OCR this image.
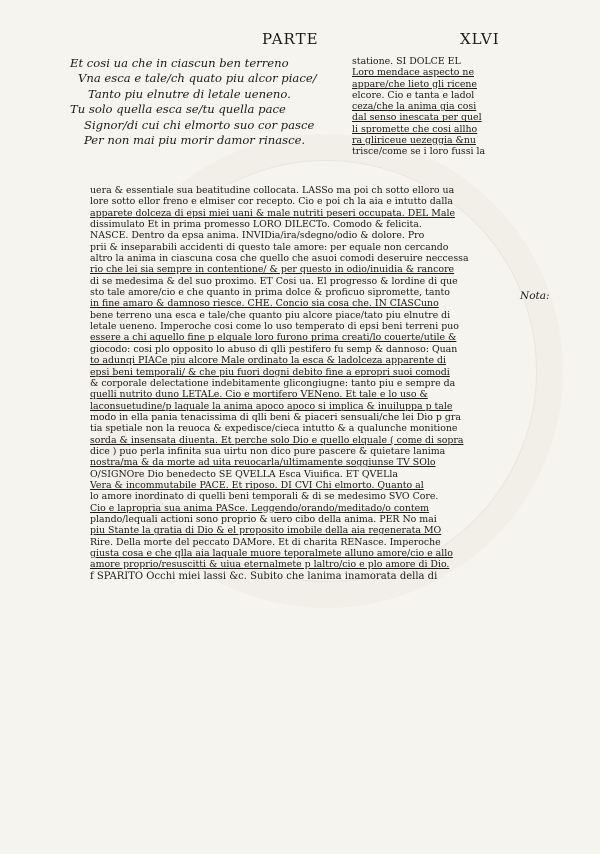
PARTE	XLVI
Et cosi ua che in ciascun ben terreno
Vna esca e tale/ch quato piu alcor piace/
Tanto piu elnutre di letale ueneno.
Tu solo quella esca se/tu quella pace
Signor/di cui chi elmorto suo cor pasce
Per non mai piu morir damor rinasce.
statione. SI DOLCE EL
Loro mendace aspecto ne
appare/che lieto gli ricene
elcore. Cio e tanta e ladol
ceza/che la anima gia cosi
dal senso inescata per quel
li spromette che cosi allho
ra gliriceue uezeggia &nu
trisce/come se i loro fussi la
uera & essentiale sua beatitudine collocata. LASSo ma poi ch sotto elloro ua
lore sotto ellor freno e elmiser cor recepto. Cio e poi ch la aia e intutto dalla
apparete dolceza di epsi miei uani & male nutriti peseri occupata. DEL Male
dissimulato Et in prima promesso LORO DILECTo. Comodo & felicita.
NASCE. Dentro da epsa anima. INVIDia/ira/sdegno/odio & dolore. Pro
prii & inseparabili accidenti di questo tale amore: per equale non cercando
altro la anima in ciascuna cosa che quello che asuoi comodi deseruire neccessa
rio che lei sia sempre in contentione/ & per questo in odio/inuidia & rancore
di se medesima & del suo proximo. ET Cosi ua. El progresso & lordine di que
sto tale amore/cio e che quanto in prima dolce & proficuo sipromette, tanto
in fine amaro & damnoso riesce. CHE. Concio sia cosa che. IN CIASCuno
bene terreno una esca e tale/che quanto piu alcore piace/tato piu elnutre di
letale ueneno. Imperoche cosi come lo uso temperato di epsi beni terreni puo
essere a chi aquello fine p elquale loro furono prima creati/lo couerte/utile &
giocodo: cosi plo opposito lo abuso di qlli pestifero fu semp & dannoso: Quan
to adunqi PIACe piu alcore Male ordinato la esca & ladolceza apparente di
epsi beni temporali/ & che piu fuori dogni debito fine a epropri suoi comodi
& corporale delectatione indebitamente glicongiugne: tanto piu e sempre da
quelli nutrito duno LETALe. Cio e mortifero VENeno. Et tale e lo uso &
laconsuetudine/p laquale la anima apoco apoco si implica & inuiluppa p tale
modo in ella pania tenacissima di qlli beni & piaceri sensuali/che lei Dio p gra
tia spetiale non la reuoca & expedisce/cieca intutto & a qualunche monitione
sorda & insensata diuenta. Et perche solo Dio e quello elquale ( come di sopra
dice ) puo perla infinita sua uirtu non dico pure pascere & quietare lanima
nostra/ma & da morte ad uita reuocarla/ultimamente soggiunse TV SOlo
O/SIGNOre Dio benedecto SE QVELLA Esca Viuifica. ET QVELla
Vera & incommutabile PACE. Et riposo. DI CVI Chi elmorto. Quanto al
lo amore inordinato di quelli beni temporali & di se medesimo SVO Core.
Cio e lapropria sua anima PASce. Leggendo/orando/meditado/o contem
plando/lequali actioni sono proprio & uero cibo della anima. PER No mai
piu Stante la gratia di Dio & el proposito imobile della aia regenerata MO
Rire. Della morte del peccato DAMore. Et di charita RENasce. Imperoche
giusta cosa e che qlla aia laquale muore teporalmete alluno amore/cio e allo
amore proprio/resuscitti & uiua eternalmete p laltro/cio e plo amore di Dio.
f SPARITO Occhi miei lassi &c. Subito che lanima inamorata della di
Nota:
